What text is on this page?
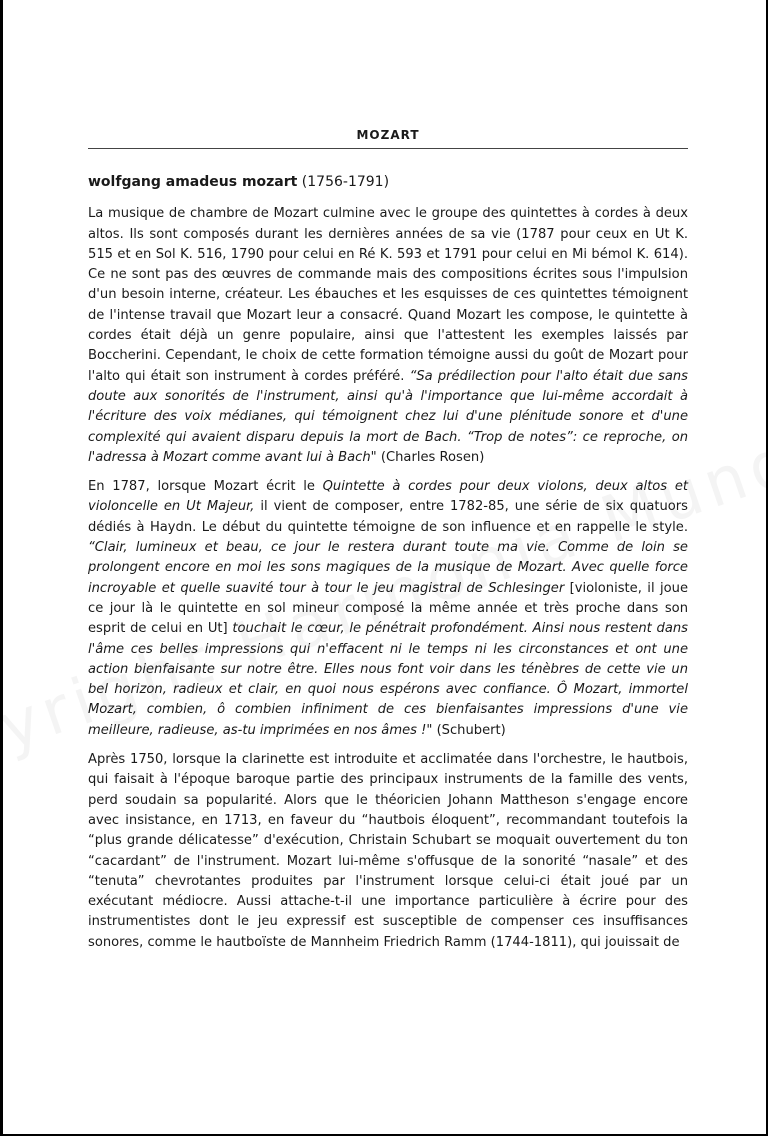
MOZART
wolfgang amadeus mozart (1756-1791)

La musique de chambre de Mozart culmine avec le groupe des quintettes à cordes à deux altos. Ils sont composés durant les dernières années de sa vie (1787 pour ceux en Ut K. 515 et en Sol K. 516, 1790 pour celui en Ré K. 593 et 1791 pour celui en Mi bémol K. 614). Ce ne sont pas des œuvres de commande mais des compositions écrites sous l'impulsion d'un besoin interne, créateur. Les ébauches et les esquisses de ces quintettes témoignent de l'intense travail que Mozart leur a consacré. Quand Mozart les compose, le quintette à cordes était déjà un genre populaire, ainsi que l'attestent les exemples laissés par Boccherini. Cependant, le choix de cette formation témoigne aussi du goût de Mozart pour l'alto qui était son instrument à cordes préféré. “Sa prédilection pour l'alto était due sans doute aux sonorités de l'instrument, ainsi qu'à l'importance que lui-même accordait à l'écriture des voix médianes, qui témoignent chez lui d'une plénitude sonore et d'une complexité qui avaient disparu depuis la mort de Bach. “Trop de notes”: ce reproche, on l'adressa à Mozart comme avant lui à Bach" (Charles Rosen)

En 1787, lorsque Mozart écrit le Quintette à cordes pour deux violons, deux altos et violoncelle en Ut Majeur, il vient de composer, entre 1782-85, une série de six quatuors dédiés à Haydn. Le début du quintette témoigne de son influence et en rappelle le style. “Clair, lumineux et beau, ce jour le restera durant toute ma vie. Comme de loin se prolongent encore en moi les sons magiques de la musique de Mozart. Avec quelle force incroyable et quelle suavité tour à tour le jeu magistral de Schlesinger [violoniste, il joue ce jour là le quintette en sol mineur composé la même année et très proche dans son esprit de celui en Ut] touchait le cœur, le pénétrait profondément. Ainsi nous restent dans l'âme ces belles impressions qui n'effacent ni le temps ni les circonstances et ont une action bienfaisante sur notre être. Elles nous font voir dans les ténèbres de cette vie un bel horizon, radieux et clair, en quoi nous espérons avec confiance. Ô Mozart, immortel Mozart, combien, ô combien infiniment de ces bienfaisantes impressions d'une vie meilleure, radieuse, as-tu imprimées en nos âmes !" (Schubert)

Après 1750, lorsque la clarinette est introduite et acclimatée dans l'orchestre, le hautbois, qui faisait à l'époque baroque partie des principaux instruments de la famille des vents, perd soudain sa popularité. Alors que le théoricien Johann Mattheson s'engage encore avec insistance, en 1713, en faveur du “hautbois éloquent”, recommandant toutefois la “plus grande délicatesse” d'exécution, Christain Schubart se moquait ouvertement du ton “cacardant” de l'instrument. Mozart lui-même s'offusque de la sonorité “nasale” et des “tenuta” chevrotantes produites par l'instrument lorsque celui-ci était joué par un exécutant médiocre. Aussi attache-t-il une importance particulière à écrire pour des instrumentistes dont le jeu expressif est susceptible de compenser ces insuffisances sonores, comme le hautboïste de Mannheim Friedrich Ramm (1744-1811), qui jouissait de
